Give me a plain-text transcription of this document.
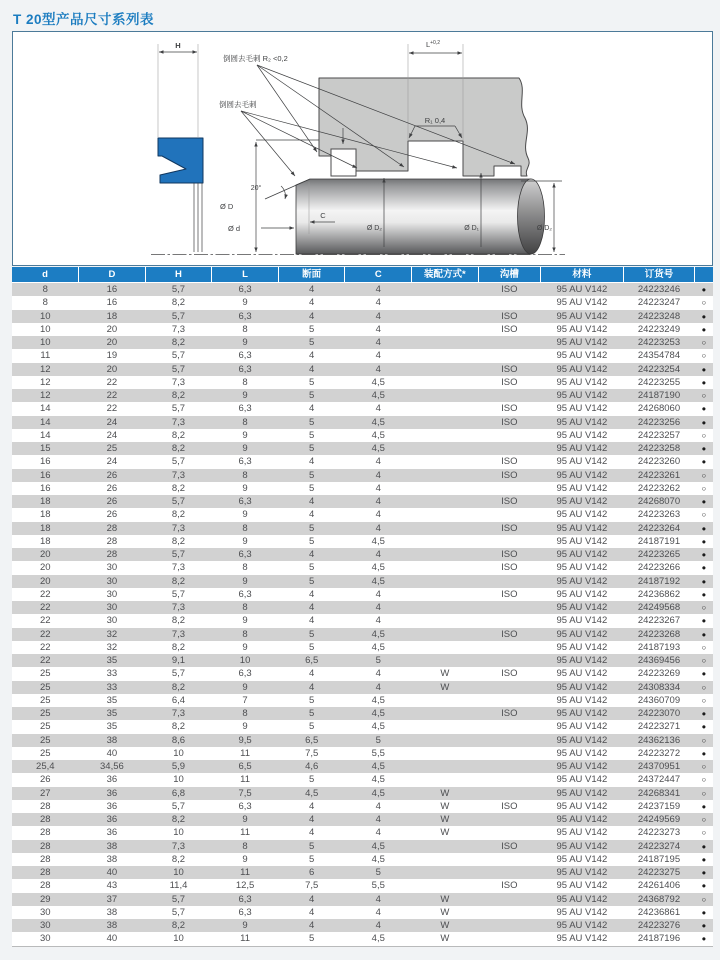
T 20型产品尺寸系列表
H	L+0,2
R₁ 0,4
倒圆去毛刺 R₂ <0,2
倒圆去毛刺
Ø D
Ø d
C
20°
Ø D₂	Ø D₁	Ø D₂
d	D	H	L	断面	C	装配方式*	沟槽	材料	订货号	
8	16	5,7	6,3	4	4		ISO	95 AU V142	24223246	●
8	16	8,2	9	4	4			95 AU V142	24223247	○
10	18	5,7	6,3	4	4		ISO	95 AU V142	24223248	●
10	20	7,3	8	5	4		ISO	95 AU V142	24223249	●
10	20	8,2	9	5	4			95 AU V142	24223253	○
11	19	5,7	6,3	4	4			95 AU V142	24354784	○
12	20	5,7	6,3	4	4		ISO	95 AU V142	24223254	●
12	22	7,3	8	5	4,5		ISO	95 AU V142	24223255	●
12	22	8,2	9	5	4,5			95 AU V142	24187190	○
14	22	5,7	6,3	4	4		ISO	95 AU V142	24268060	●
14	24	7,3	8	5	4,5		ISO	95 AU V142	24223256	●
14	24	8,2	9	5	4,5			95 AU V142	24223257	○
15	25	8,2	9	5	4,5			95 AU V142	24223258	●
16	24	5,7	6,3	4	4		ISO	95 AU V142	24223260	●
16	26	7,3	8	5	4		ISO	95 AU V142	24223261	○
16	26	8,2	9	5	4			95 AU V142	24223262	○
18	26	5,7	6,3	4	4		ISO	95 AU V142	24268070	●
18	26	8,2	9	4	4			95 AU V142	24223263	○
18	28	7,3	8	5	4		ISO	95 AU V142	24223264	●
18	28	8,2	9	5	4,5			95 AU V142	24187191	●
20	28	5,7	6,3	4	4		ISO	95 AU V142	24223265	●
20	30	7,3	8	5	4,5		ISO	95 AU V142	24223266	●
20	30	8,2	9	5	4,5			95 AU V142	24187192	●
22	30	5,7	6,3	4	4		ISO	95 AU V142	24236862	●
22	30	7,3	8	4	4			95 AU V142	24249568	○
22	30	8,2	9	4	4			95 AU V142	24223267	●
22	32	7,3	8	5	4,5		ISO	95 AU V142	24223268	●
22	32	8,2	9	5	4,5			95 AU V142	24187193	○
22	35	9,1	10	6,5	5			95 AU V142	24369456	○
25	33	5,7	6,3	4	4	W	ISO	95 AU V142	24223269	●
25	33	8,2	9	4	4	W		95 AU V142	24308334	○
25	35	6,4	7	5	4,5			95 AU V142	24360709	○
25	35	7,3	8	5	4,5		ISO	95 AU V142	24223070	●
25	35	8,2	9	5	4,5			95 AU V142	24223271	●
25	38	8,6	9,5	6,5	5			95 AU V142	24362136	○
25	40	10	11	7,5	5,5			95 AU V142	24223272	●
25,4	34,56	5,9	6,5	4,6	4,5			95 AU V142	24370951	○
26	36	10	11	5	4,5			95 AU V142	24372447	○
27	36	6,8	7,5	4,5	4,5	W		95 AU V142	24268341	○
28	36	5,7	6,3	4	4	W	ISO	95 AU V142	24237159	●
28	36	8,2	9	4	4	W		95 AU V142	24249569	○
28	36	10	11	4	4	W		95 AU V142	24223273	○
28	38	7,3	8	5	4,5		ISO	95 AU V142	24223274	●
28	38	8,2	9	5	4,5			95 AU V142	24187195	●
28	40	10	11	6	5			95 AU V142	24223275	●
28	43	11,4	12,5	7,5	5,5		ISO	95 AU V142	24261406	●
29	37	5,7	6,3	4	4	W		95 AU V142	24368792	○
30	38	5,7	6,3	4	4	W		95 AU V142	24236861	●
30	38	8,2	9	4	4	W		95 AU V142	24223276	●
30	40	10	11	5	4,5	W		95 AU V142	24187196	●
